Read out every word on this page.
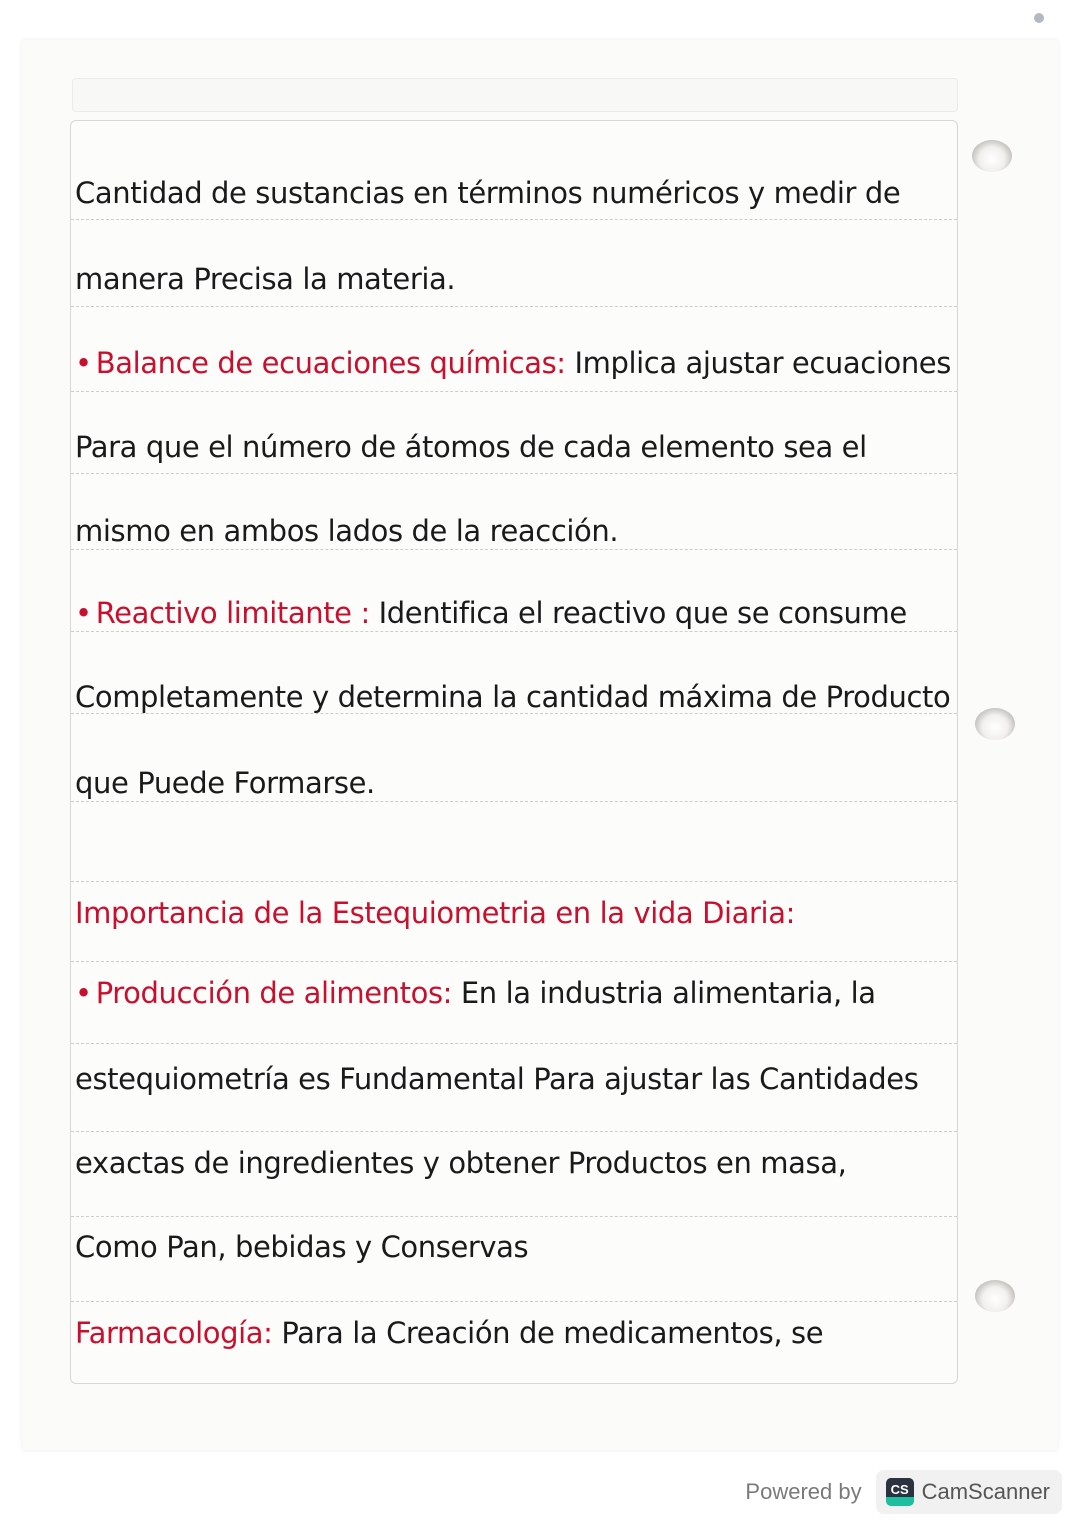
Cantidad de sustancias en términos numéricos y medir de
manera Precisa la materia.
• Balance de ecuaciones químicas: Implica ajustar ecuaciones
Para que el número de átomos de cada elemento sea el
mismo en ambos lados de la reacción.
• Reactivo limitante : Identifica el reactivo que se consume
Completamente y determina la cantidad máxima de Producto
que Puede Formarse.
Importancia de la Estequiometria en la vida Diaria:
• Producción de alimentos: En la industria alimentaria, la
estequiometría es Fundamental Para ajustar las Cantidades
exactas de ingredientes y obtener Productos en masa,
Como Pan, bebidas y Conservas
Farmacología: Para la Creación de medicamentos, se
Powered by	CS CamScanner
